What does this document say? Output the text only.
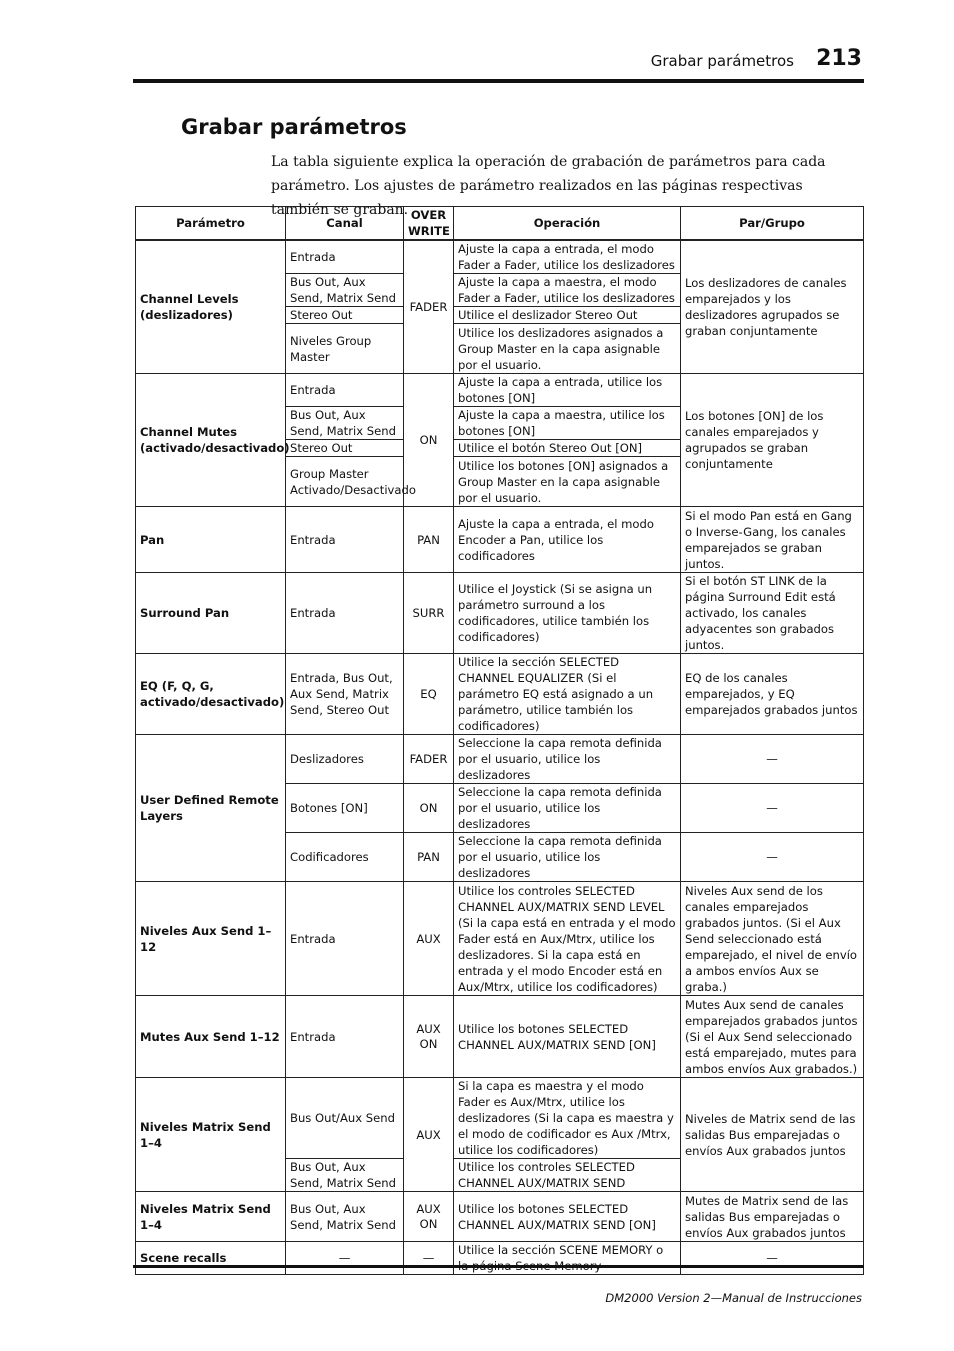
Grabar parámetros 213
Grabar parámetros

La tabla siguiente explica la operación de grabación de parámetros para cada parámetro. Los ajustes de parámetro realizados en las páginas respectivas también se graban.

Parámetro	Canal	OVER WRITE	Operación	Par/Grupo
Channel Levels (deslizadores)	Entrada	FADER	Ajuste la capa a entrada, el modo Fader a Fader, utilice los deslizadores	Los deslizadores de canales emparejados y los deslizadores agrupados se graban conjuntamente
	Bus Out, Aux Send, Matrix Send		Ajuste la capa a maestra, el modo Fader a Fader, utilice los deslizadores	
	Stereo Out		Utilice el deslizador Stereo Out	
	Niveles Group Master		Utilice los deslizadores asignados a Group Master en la capa asignable por el usuario.	
Channel Mutes (activado/desactivado)	Entrada	ON	Ajuste la capa a entrada, utilice los botones [ON]	Los botones [ON] de los canales emparejados y agrupados se graban conjuntamente
	Bus Out, Aux Send, Matrix Send		Ajuste la capa a maestra, utilice los botones [ON]	
	Stereo Out		Utilice el botón Stereo Out [ON]	
	Group Master Activado/Desactivado		Utilice los botones [ON] asignados a Group Master en la capa asignable por el usuario.	
Pan	Entrada	PAN	Ajuste la capa a entrada, el modo Encoder a Pan, utilice los codificadores	Si el modo Pan está en Gang o Inverse-Gang, los canales emparejados se graban juntos.
Surround Pan	Entrada	SURR	Utilice el Joystick (Si se asigna un parámetro surround a los codificadores, utilice también los codificadores)	Si el botón ST LINK de la página Surround Edit está activado, los canales adyacentes son grabados juntos.
EQ (F, Q, G, activado/desactivado)	Entrada, Bus Out, Aux Send, Matrix Send, Stereo Out	EQ	Utilice la sección SELECTED CHANNEL EQUALIZER (Si el parámetro EQ está asignado a un parámetro, utilice también los codificadores)	EQ de los canales emparejados, y EQ emparejados grabados juntos
User Defined Remote Layers	Deslizadores	FADER	Seleccione la capa remota definida por el usuario, utilice los deslizadores	—
	Botones [ON]	ON	Seleccione la capa remota definida por el usuario, utilice los deslizadores	—
	Codificadores	PAN	Seleccione la capa remota definida por el usuario, utilice los deslizadores	—
Niveles Aux Send 1–12	Entrada	AUX	Utilice los controles SELECTED CHANNEL AUX/MATRIX SEND LEVEL (Si la capa está en entrada y el modo Fader está en Aux/Mtrx, utilice los deslizadores. Si la capa está en entrada y el modo Encoder está en Aux/Mtrx, utilice los codificadores)	Niveles Aux send de los canales emparejados grabados juntos. (Si el Aux Send seleccionado está emparejado, el nivel de envío a ambos envíos Aux se graba.)
Mutes Aux Send 1–12	Entrada	AUX ON	Utilice los botones SELECTED CHANNEL AUX/MATRIX SEND [ON]	Mutes Aux send de canales emparejados grabados juntos (Si el Aux Send seleccionado está emparejado, mutes para ambos envíos Aux grabados.)
Niveles Matrix Send 1–4	Bus Out/Aux Send	AUX	Si la capa es maestra y el modo Fader es Aux/Mtrx, utilice los deslizadores (Si la capa es maestra y el modo de codificador es Aux /Mtrx, utilice los codificadores)	Niveles de Matrix send de las salidas Bus emparejadas o envíos Aux grabados juntos
	Bus Out, Aux Send, Matrix Send		Utilice los controles SELECTED CHANNEL AUX/MATRIX SEND	
Niveles Matrix Send 1–4	Bus Out, Aux Send, Matrix Send	AUX ON	Utilice los botones SELECTED CHANNEL AUX/MATRIX SEND [ON]	Mutes de Matrix send de las salidas Bus emparejadas o envíos Aux grabados juntos
Scene recalls	—	—	Utilice la sección SCENE MEMORY o	—
DM2000 Version 2—Manual de Instrucciones
